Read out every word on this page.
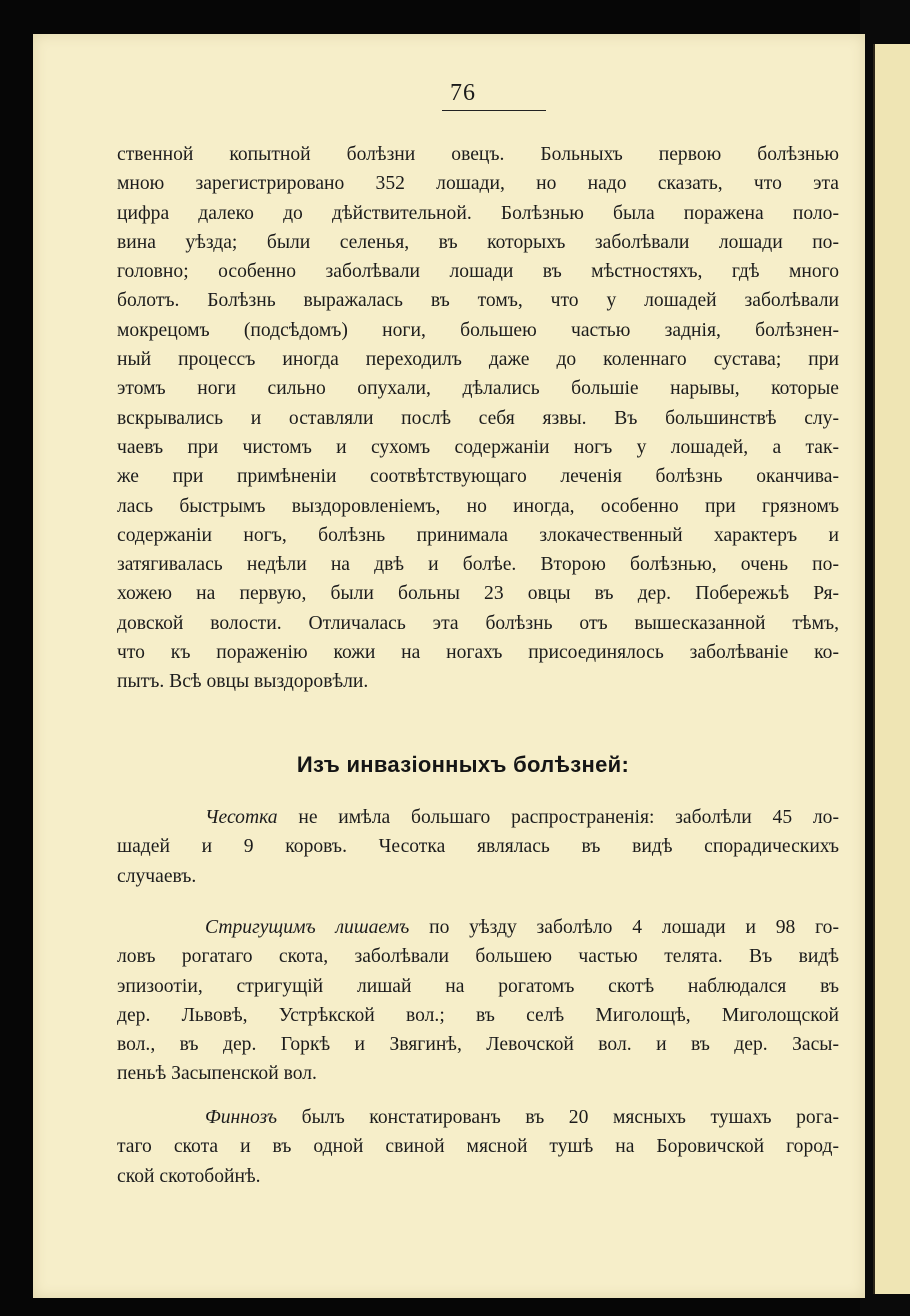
76
ственной копытной болѣзни овецъ. Больныхъ первою болѣзнью
мною зарегистрировано 352 лошади, но надо сказать, что эта
цифра далеко до дѣйствительной. Болѣзнью была поражена поло-
вина уѣзда; были селенья, въ которыхъ заболѣвали лошади по-
головно; особенно заболѣвали лошади въ мѣстностяхъ, гдѣ много
болотъ. Болѣзнь выражалась въ томъ, что у лошадей заболѣвали
мокрецомъ (подсѣдомъ) ноги, большею частью заднія, болѣзнен-
ный процессъ иногда переходилъ даже до коленнаго сустава; при
этомъ ноги сильно опухали, дѣлались большіе нарывы, которые
вскрывались и оставляли послѣ себя язвы. Въ большинствѣ слу-
чаевъ при чистомъ и сухомъ содержаніи ногъ у лошадей, а так-
же при примѣненіи соотвѣтствующаго леченія болѣзнь оканчива-
лась быстрымъ выздоровленіемъ, но иногда, особенно при грязномъ
содержаніи ногъ, болѣзнь принимала злокачественный характеръ и
затягивалась недѣли на двѣ и болѣе. Второю болѣзнью, очень по-
хожею на первую, были больны 23 овцы въ дер. Побережьѣ Ря-
довской волости. Отличалась эта болѣзнь отъ вышесказанной тѣмъ,
что къ пораженію кожи на ногахъ присоединялось заболѣваніе ко-
пытъ. Всѣ овцы выздоровѣли.
Изъ инвазіонныхъ болѣзней:
Чесотка не имѣла большаго распространенія: заболѣли 45 ло-
шадей и 9 коровъ. Чесотка являлась въ видѣ спорадическихъ
случаевъ.
Стригущимъ лишаемъ по уѣзду заболѣло 4 лошади и 98 го-
ловъ рогатаго скота, заболѣвали большею частью телята. Въ видѣ
эпизоотіи, стригущій лишай на рогатомъ скотѣ наблюдался въ
дер. Львовѣ, Устрѣкской вол.; въ селѣ Миголощѣ, Миголощской
вол., въ дер. Горкѣ и Звягинѣ, Левочской вол. и въ дер. Засы-
пеньѣ Засыпенской вол.
Финнозъ былъ констатированъ въ 20 мясныхъ тушахъ рога-
таго скота и въ одной свиной мясной тушѣ на Боровичской город-
ской скотобойнѣ.
